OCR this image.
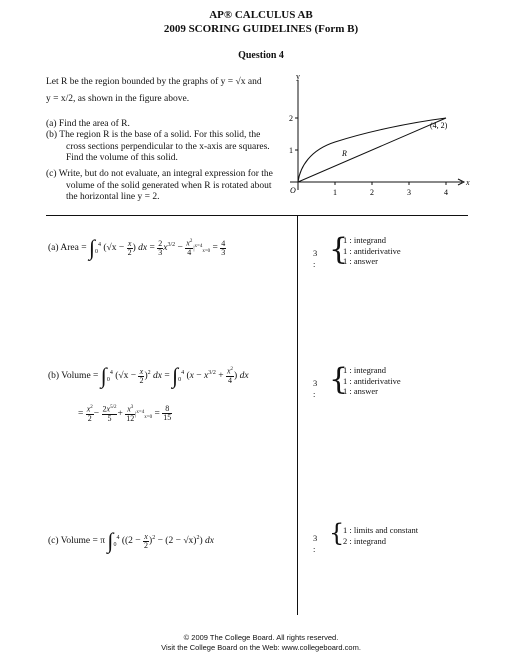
AP® CALCULUS AB
2009 SCORING GUIDELINES (Form B)
Question 4
Let R be the region bounded by the graphs of y = √x and
y = x/2, as shown in the figure above.
(a) Find the area of R.
(b) The region R is the base of a solid. For this solid, the
cross sections perpendicular to the x-axis are squares.
Find the volume of this solid.
(c) Write, but do not evaluate, an integral expression for the
volume of the solid generated when R is rotated about
the horizontal line y = 2.
y
x
O
1
2
1	2	3	4
R
(4, 2)
(a) Area = $\int_0^4$ ($√x - \frac{x}{2}$ ) dx = $\frac{2}{3} x^{3/2} - \frac{x^2}{4} |^{x=4}_{x=0} = \frac{4}{3}$
(b) Volume = $\int_0^4$ $(√x - \frac{x}{2} )^2$ dx = $\int_0^4$ ($x - x^{3/2} + \frac{x^2}{4}$ ) dx
= $\frac{x^2}{2} - \frac{2x^{5/2}}{5} + \frac{x^3}{12} |^{x=4}_{x=0} = \frac{8}{15}$
(c) Volume = π $\int_0^4$ $((2 - \frac{x}{2} )^2 - (2 - √x)^2)$ dx
3 : {
1 : integrand
1 : antiderivative
1 : answer
3 : {
1 : integrand
1 : antiderivative
1 : answer
3 :
{
1 : limits and constant
2 : integrand
© 2009 The College Board. All rights reserved.
Visit the College Board on the Web: www.collegeboard.com.
